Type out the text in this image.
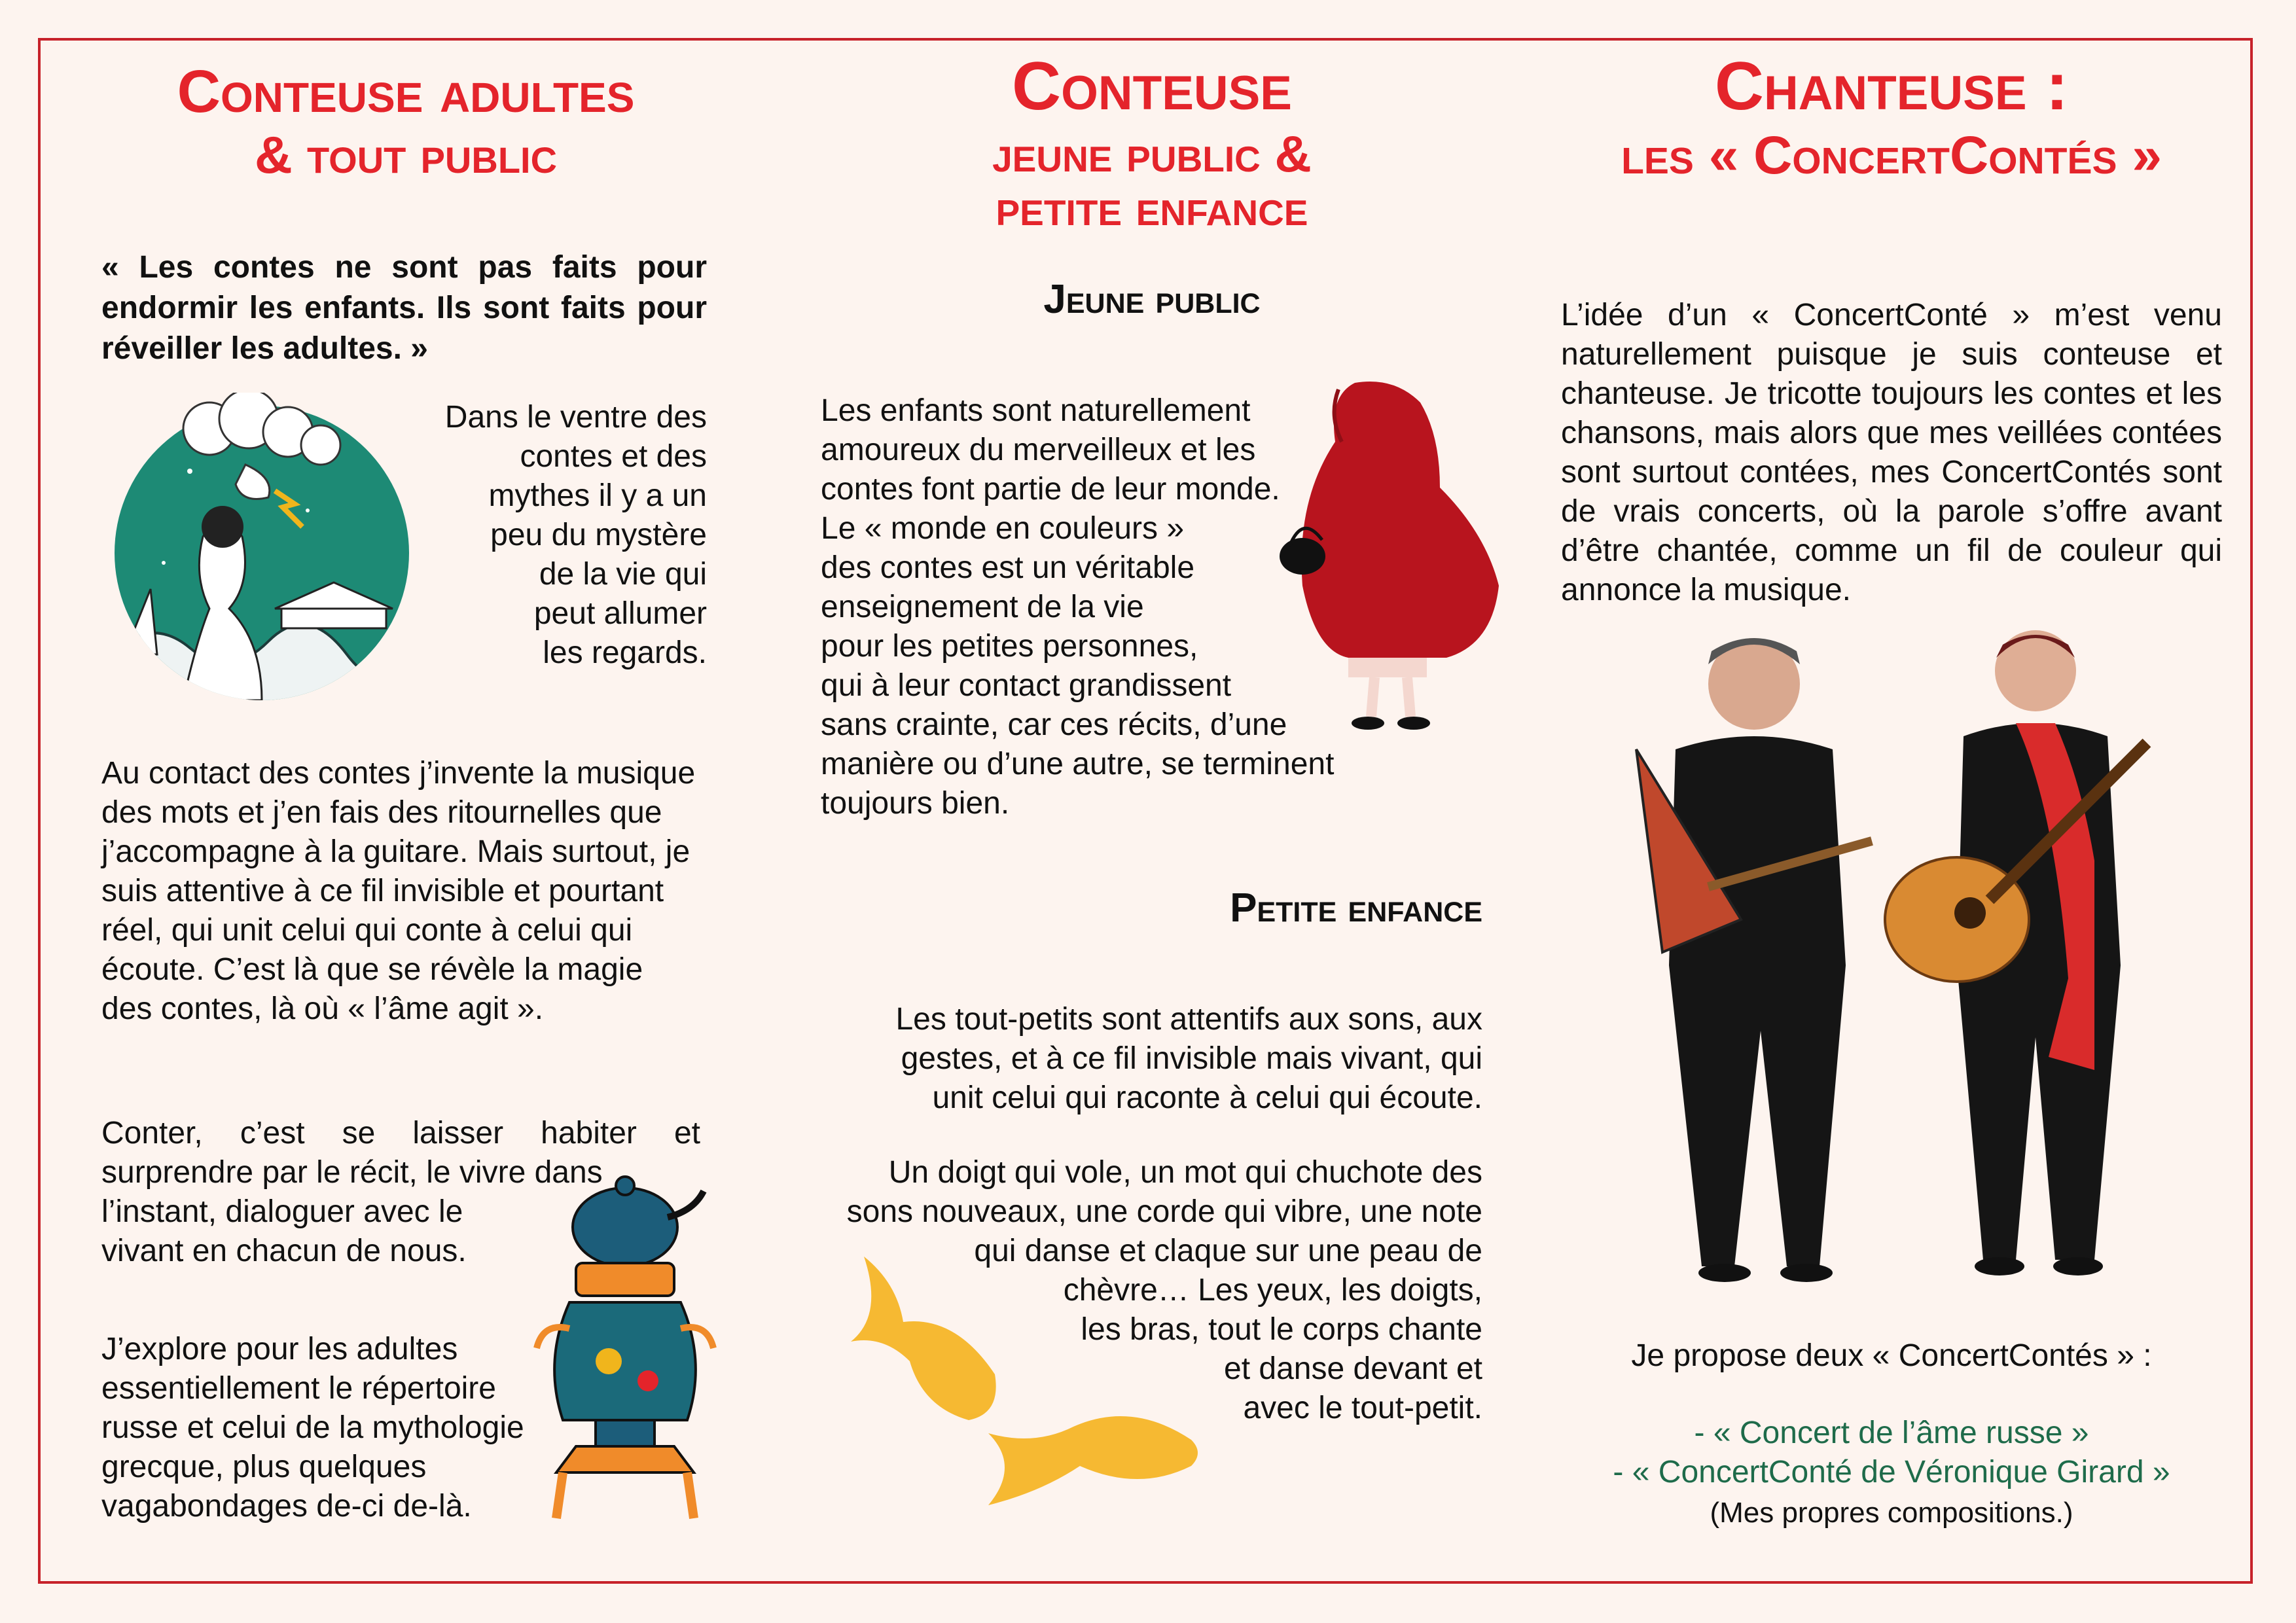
Conteuse adultes
& tout public

« Les contes ne sont pas faits pour endormir les enfants. Ils sont faits pour réveiller les adultes. »

Dans le ventre des
contes et des
mythes il y a un
peu du mystère
de la vie qui
peut allumer
les regards.

Au contact des contes j’invente la musique des mots et j’en fais des ritournelles que j’accompagne à la guitare. Mais surtout, je suis attentive à ce fil invisible et pourtant réel, qui unit celui qui conte à celui qui écoute. C’est là que se révèle la magie des contes, là où « l’âme agit ».

Conter, c’est se laisser habiter et surprendre par le récit, le vivre dans

l’instant, dialoguer avec le
vivant en chacun de nous.
J’explore pour les adultes
essentiellement le répertoire
russe et celui de la mythologie
grecque, plus quelques
vagabondages de-ci de-là.
Conteuse
jeune public &
petite enfance
Jeune public
Les enfants sont naturellement
amoureux du merveilleux et les
contes font partie de leur monde.
Le « monde en couleurs »
des contes est un véritable
enseignement de la vie
pour les petites personnes,
qui à leur contact grandissent
sans crainte, car ces récits, d’une
manière ou d’une autre, se terminent
toujours bien.
Petite enfance
Les tout-petits sont attentifs aux sons, aux
gestes, et à ce fil invisible mais vivant, qui
unit celui qui raconte à celui qui écoute.
Un doigt qui vole, un mot qui chuchote des
sons nouveaux, une corde qui vibre, une note
qui danse et claque sur une peau de
chèvre… Les yeux, les doigts,
les bras, tout le corps chante
et danse devant et
avec le tout-petit.
Chanteuse :
les « ConcertContés »

L’idée d’un « ConcertConté » m’est venu naturellement puisque je suis conteuse et chanteuse. Je tricotte toujours les contes et les chansons, mais alors que mes veillées contées sont surtout contées, mes ConcertContés sont de vrais concerts, où la parole s’offre avant d’être chantée, comme un fil de couleur qui annonce la musique.

Je propose deux « ConcertContés » :
- « Concert de l’âme russe »
- « ConcertConté de Véronique Girard »
(Mes propres compositions.)
